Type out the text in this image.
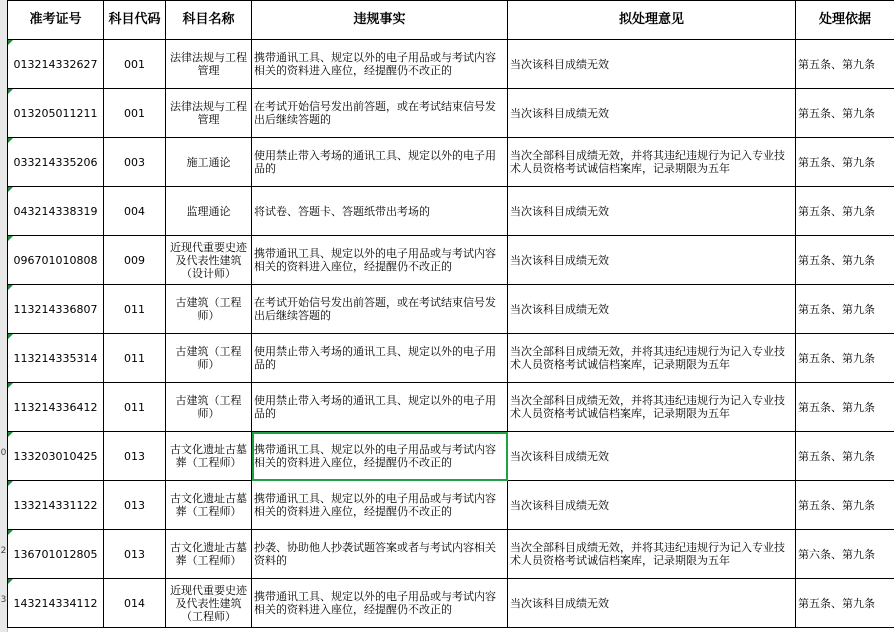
0
2
3
准考证号	科目代码	科目名称	违规事实	拟处理意见	处理依据
013214332627	001	法律法规与工程管理	携带通讯工具、规定以外的电子用品或与考试内容相关的资料进入座位，经提醒仍不改正的	当次该科目成绩无效	第五条、第九条
013205011211	001	法律法规与工程管理	在考试开始信号发出前答题，或在考试结束信号发出后继续答题的	当次该科目成绩无效	第五条、第九条
033214335206	003	施工通论	使用禁止带入考场的通讯工具、规定以外的电子用品的	当次全部科目成绩无效，并将其违纪违规行为记入专业技术人员资格考试诚信档案库，记录期限为五年	第五条、第九条
043214338319	004	监理通论	将试卷、答题卡、答题纸带出考场的	当次该科目成绩无效	第五条、第九条
096701010808	009	近现代重要史迹及代表性建筑（设计师）	携带通讯工具、规定以外的电子用品或与考试内容相关的资料进入座位，经提醒仍不改正的	当次该科目成绩无效	第五条、第九条
113214336807	011	古建筑（工程师）	在考试开始信号发出前答题，或在考试结束信号发出后继续答题的	当次该科目成绩无效	第五条、第九条
113214335314	011	古建筑（工程师）	使用禁止带入考场的通讯工具、规定以外的电子用品的	当次全部科目成绩无效，并将其违纪违规行为记入专业技术人员资格考试诚信档案库，记录期限为五年	第五条、第九条
113214336412	011	古建筑（工程师）	使用禁止带入考场的通讯工具、规定以外的电子用品的	当次全部科目成绩无效，并将其违纪违规行为记入专业技术人员资格考试诚信档案库，记录期限为五年	第五条、第九条
133203010425	013	古文化遗址古墓葬（工程师）	携带通讯工具、规定以外的电子用品或与考试内容相关的资料进入座位，经提醒仍不改正的	当次该科目成绩无效	第五条、第九条
133214331122	013	古文化遗址古墓葬（工程师）	携带通讯工具、规定以外的电子用品或与考试内容相关的资料进入座位，经提醒仍不改正的	当次该科目成绩无效	第五条、第九条
136701012805	013	古文化遗址古墓葬（工程师）	抄袭、协助他人抄袭试题答案或者与考试内容相关资料的	当次全部科目成绩无效，并将其违纪违规行为记入专业技术人员资格考试诚信档案库，记录期限为五年	第六条、第九条
143214334112	014	近现代重要史迹及代表性建筑（工程师）	携带通讯工具、规定以外的电子用品或与考试内容相关的资料进入座位，经提醒仍不改正的	当次该科目成绩无效	第五条、第九条
